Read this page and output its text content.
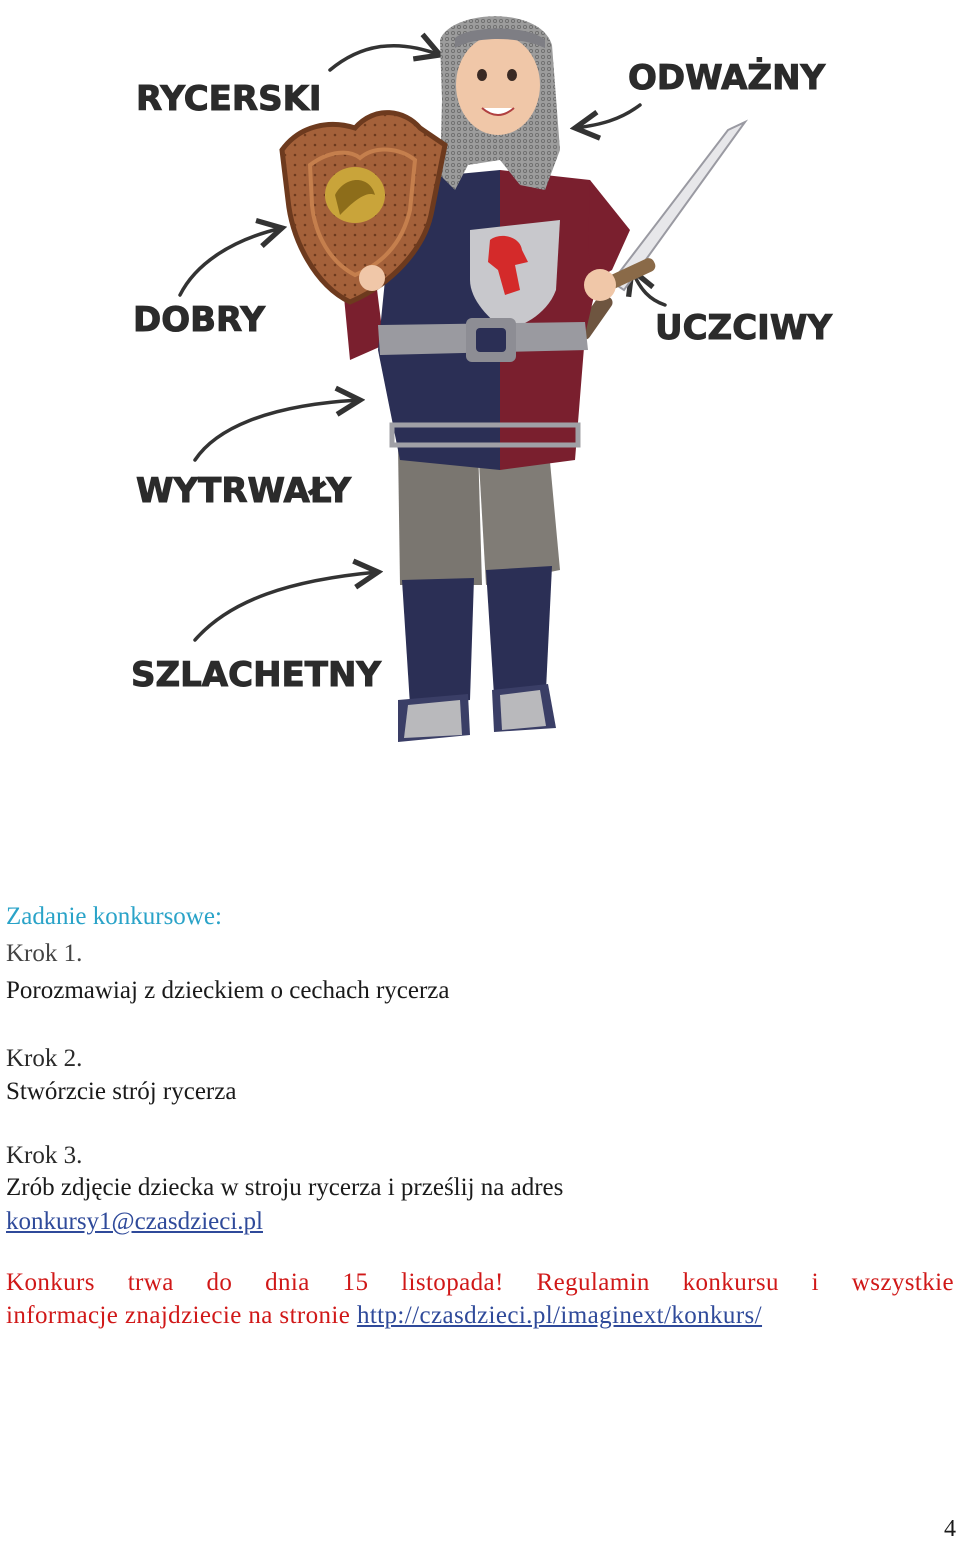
RYCERSKI
ODWAŻNY
DOBRY	UCZCIWY
WYTRWAŁY
SZLACHETNY
Zadanie konkursowe:
Krok 1.
Porozmawiaj z dzieckiem o cechach rycerza
Krok 2.
Stwórzcie strój rycerza
Krok 3.
Zrób zdjęcie dziecka w stroju rycerza i prześlij na adres
konkursy1@czasdzieci.pl
Konkurs trwa do dnia 15 listopada! Regulamin konkursu i wszystkie
informacje znajdziecie na stronie http://czasdzieci.pl/imaginext/konkurs/
4
